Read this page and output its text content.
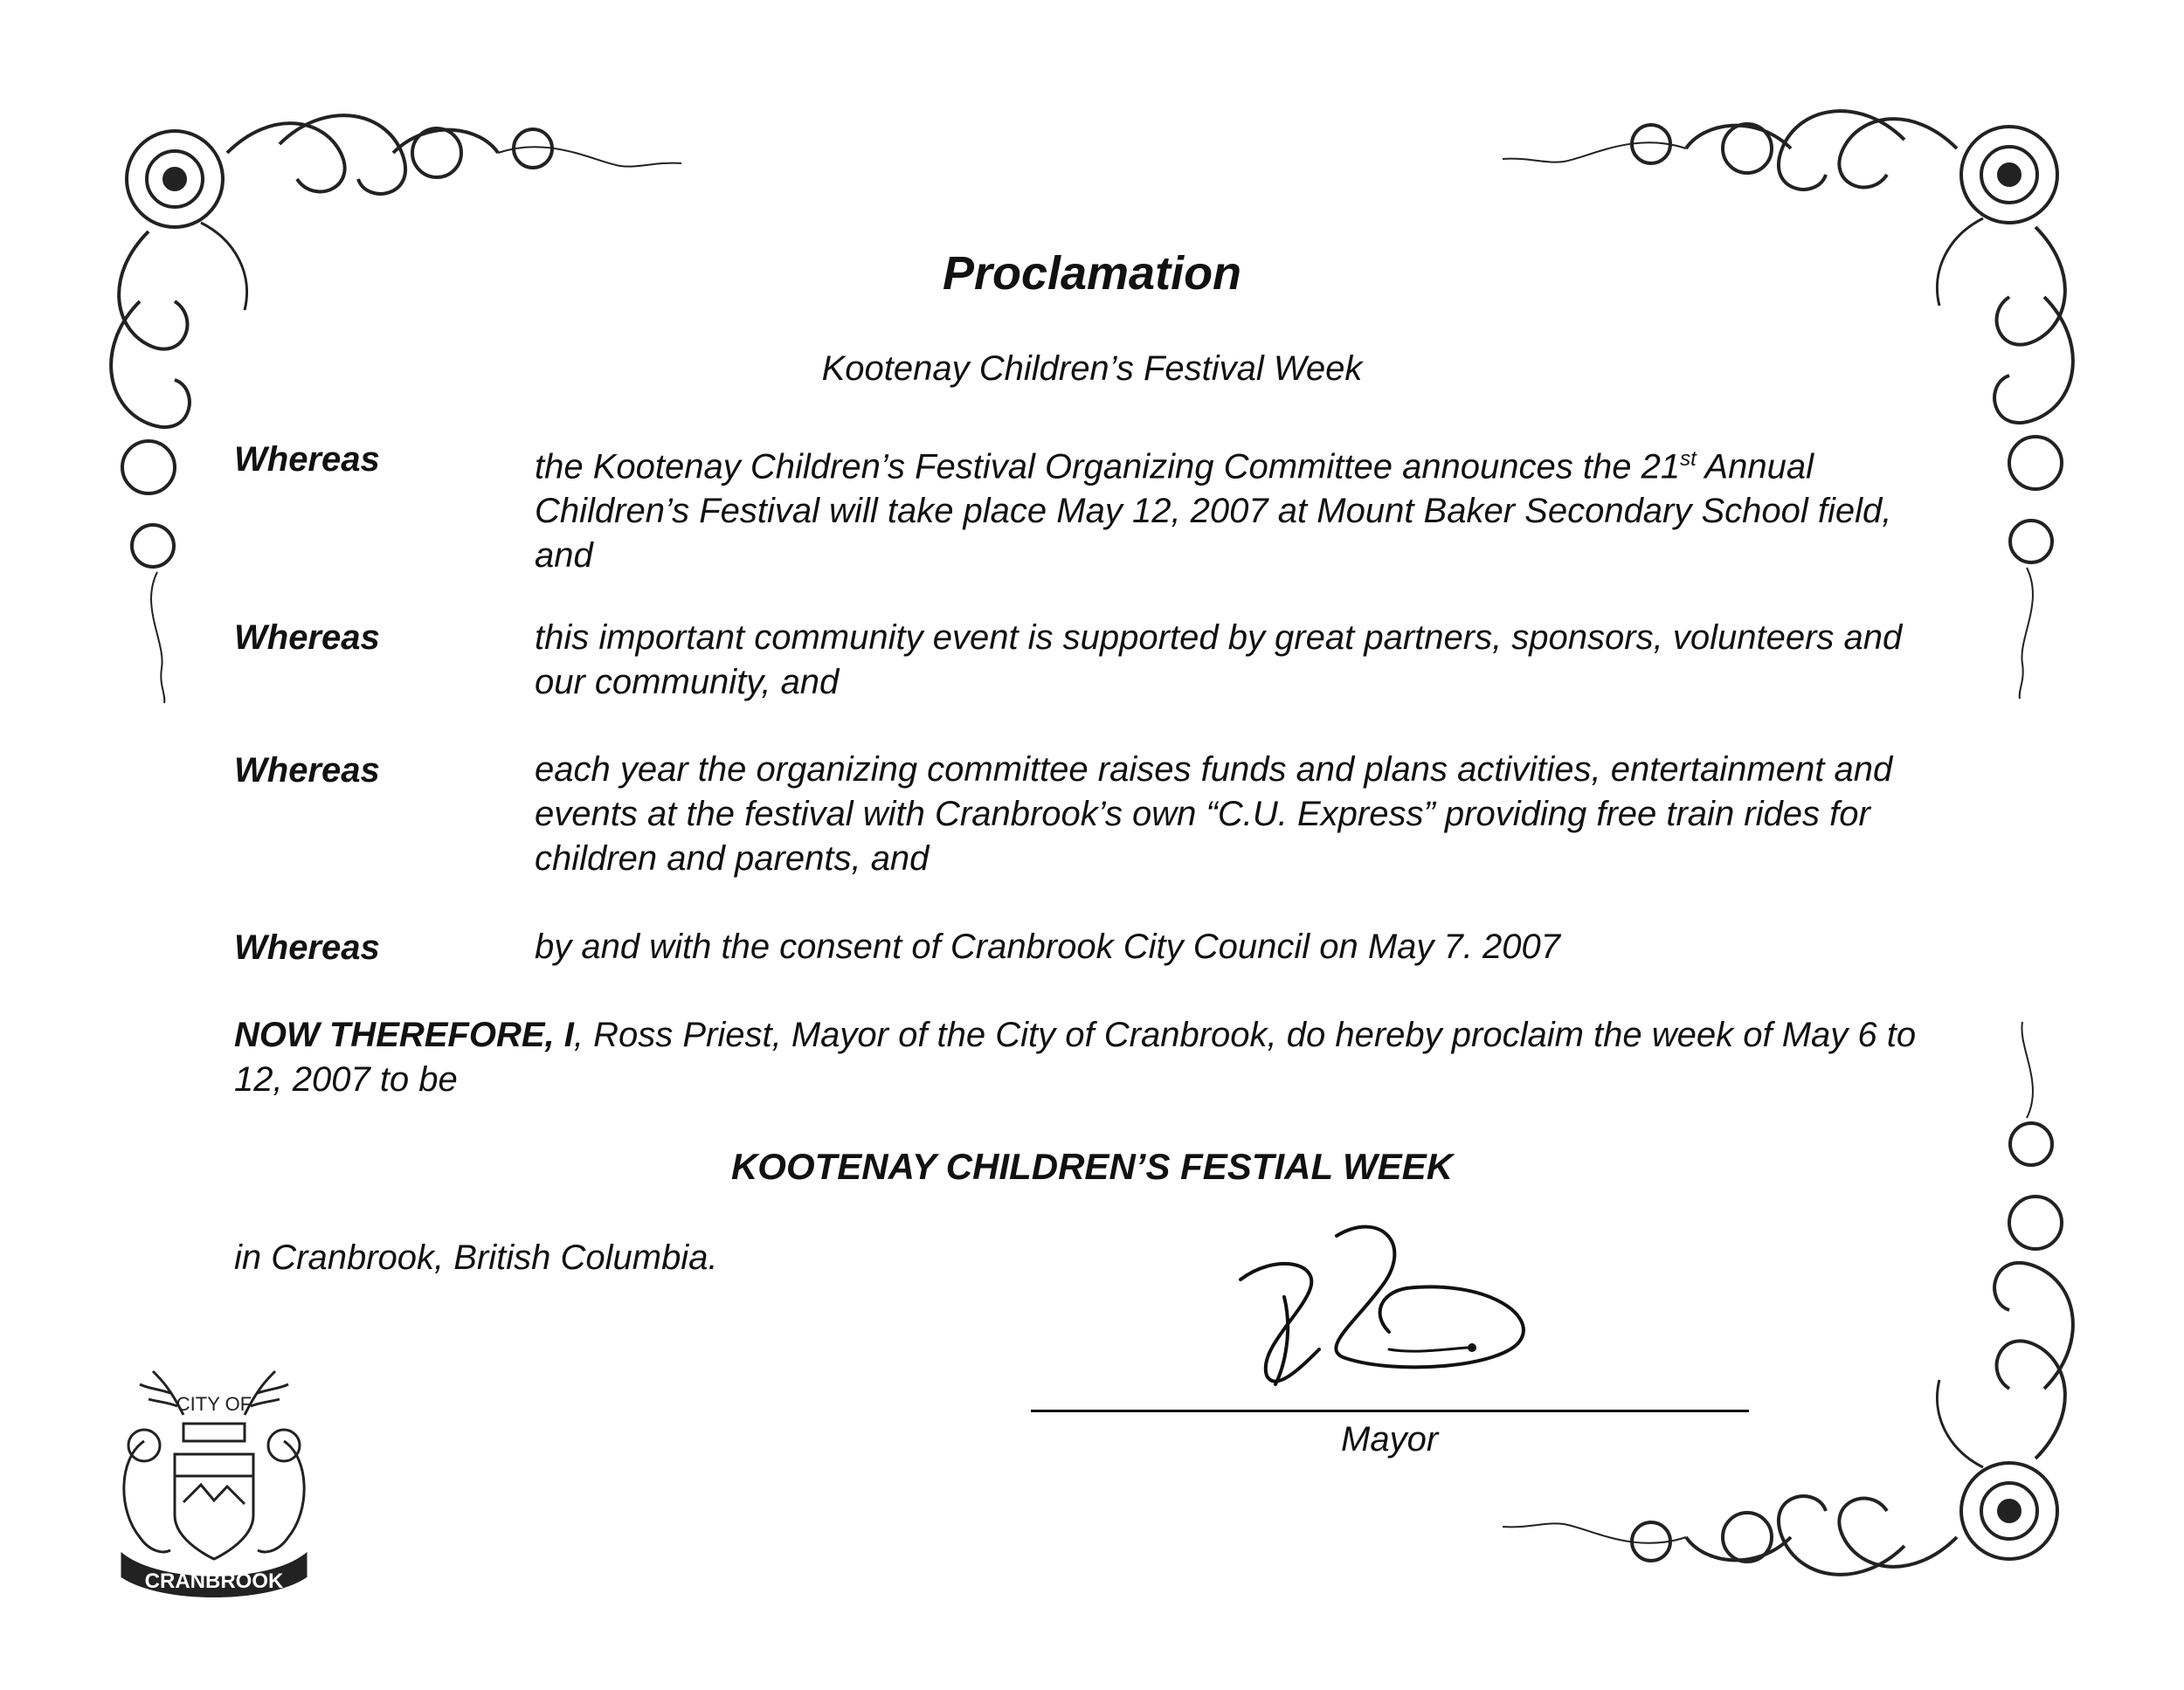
Proclamation
Kootenay Children’s Festival Week
Whereas	the Kootenay Children’s Festival Organizing Committee announces the 21st Annual Children’s Festival will take place May 12, 2007 at Mount Baker Secondary School field, and
Whereas	this important community event is supported by great partners, sponsors, volunteers and our community, and
Whereas	each year the organizing committee raises funds and plans activities, entertainment and events at the festival with Cranbrook’s own “C.U. Express” providing free train rides for children and parents, and
Whereas	by and with the consent of Cranbrook City Council on May 7. 2007
NOW THEREFORE, I, Ross Priest, Mayor of the City of Cranbrook, do hereby proclaim the week of May 6 to 12, 2007 to be
KOOTENAY CHILDREN’S FESTIAL WEEK
in Cranbrook, British Columbia.
Mayor
CITY OF
CRANBROOK
